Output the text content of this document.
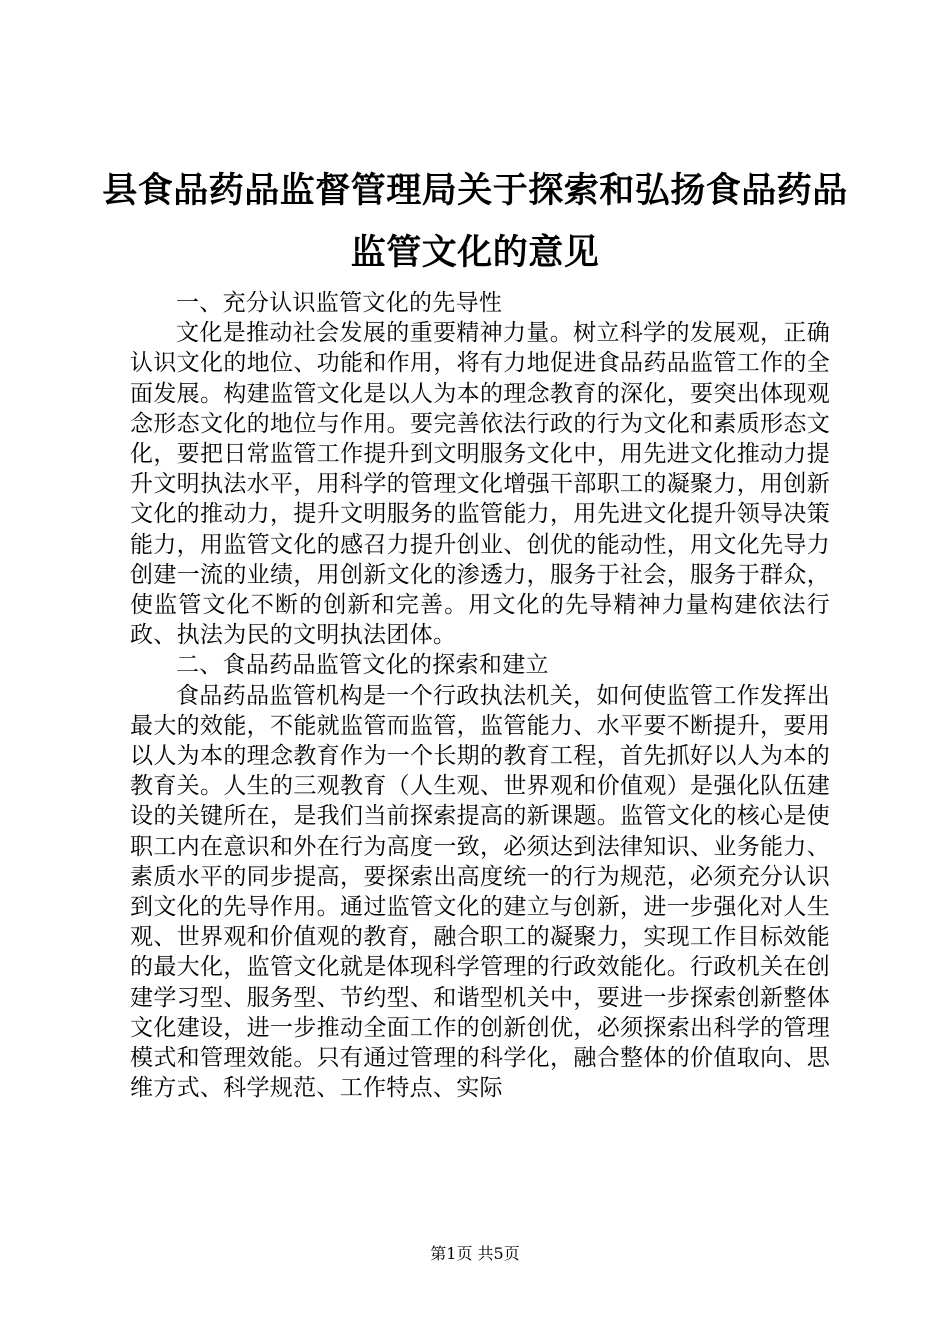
县食品药品监督管理局关于探索和弘扬食品药品监管文化的意见

一、充分认识监管文化的先导性

文化是推动社会发展的重要精神力量。树立科学的发展观，正确认识文化的地位、功能和作用，将有力地促进食品药品监管工作的全面发展。构建监管文化是以人为本的理念教育的深化，要突出体现观念形态文化的地位与作用。要完善依法行政的行为文化和素质形态文化，要把日常监管工作提升到文明服务文化中，用先进文化推动力提升文明执法水平，用科学的管理文化增强干部职工的凝聚力，用创新文化的推动力，提升文明服务的监管能力，用先进文化提升领导决策能力，用监管文化的感召力提升创业、创优的能动性，用文化先导力创建一流的业绩，用创新文化的渗透力，服务于社会，服务于群众，使监管文化不断的创新和完善。用文化的先导精神力量构建依法行政、执法为民的文明执法团体。

二、食品药品监管文化的探索和建立

食品药品监管机构是一个行政执法机关，如何使监管工作发挥出最大的效能，不能就监管而监管，监管能力、水平要不断提升，要用以人为本的理念教育作为一个长期的教育工程，首先抓好以人为本的教育关。人生的三观教育（人生观、世界观和价值观）是强化队伍建设的关键所在，是我们当前探索提高的新课题。监管文化的核心是使职工内在意识和外在行为高度一致，必须达到法律知识、业务能力、素质水平的同步提高，要探索出高度统一的行为规范，必须充分认识到文化的先导作用。通过监管文化的建立与创新，进一步强化对人生观、世界观和价值观的教育，融合职工的凝聚力，实现工作目标效能的最大化，监管文化就是体现科学管理的行政效能化。行政机关在创建学习型、服务型、节约型、和谐型机关中，要进一步探索创新整体文化建设，进一步推动全面工作的创新创优，必须探索出科学的管理模式和管理效能。只有通过管理的科学化，融合整体的价值取向、思维方式、科学规范、工作特点、实际

第1页 共5页
